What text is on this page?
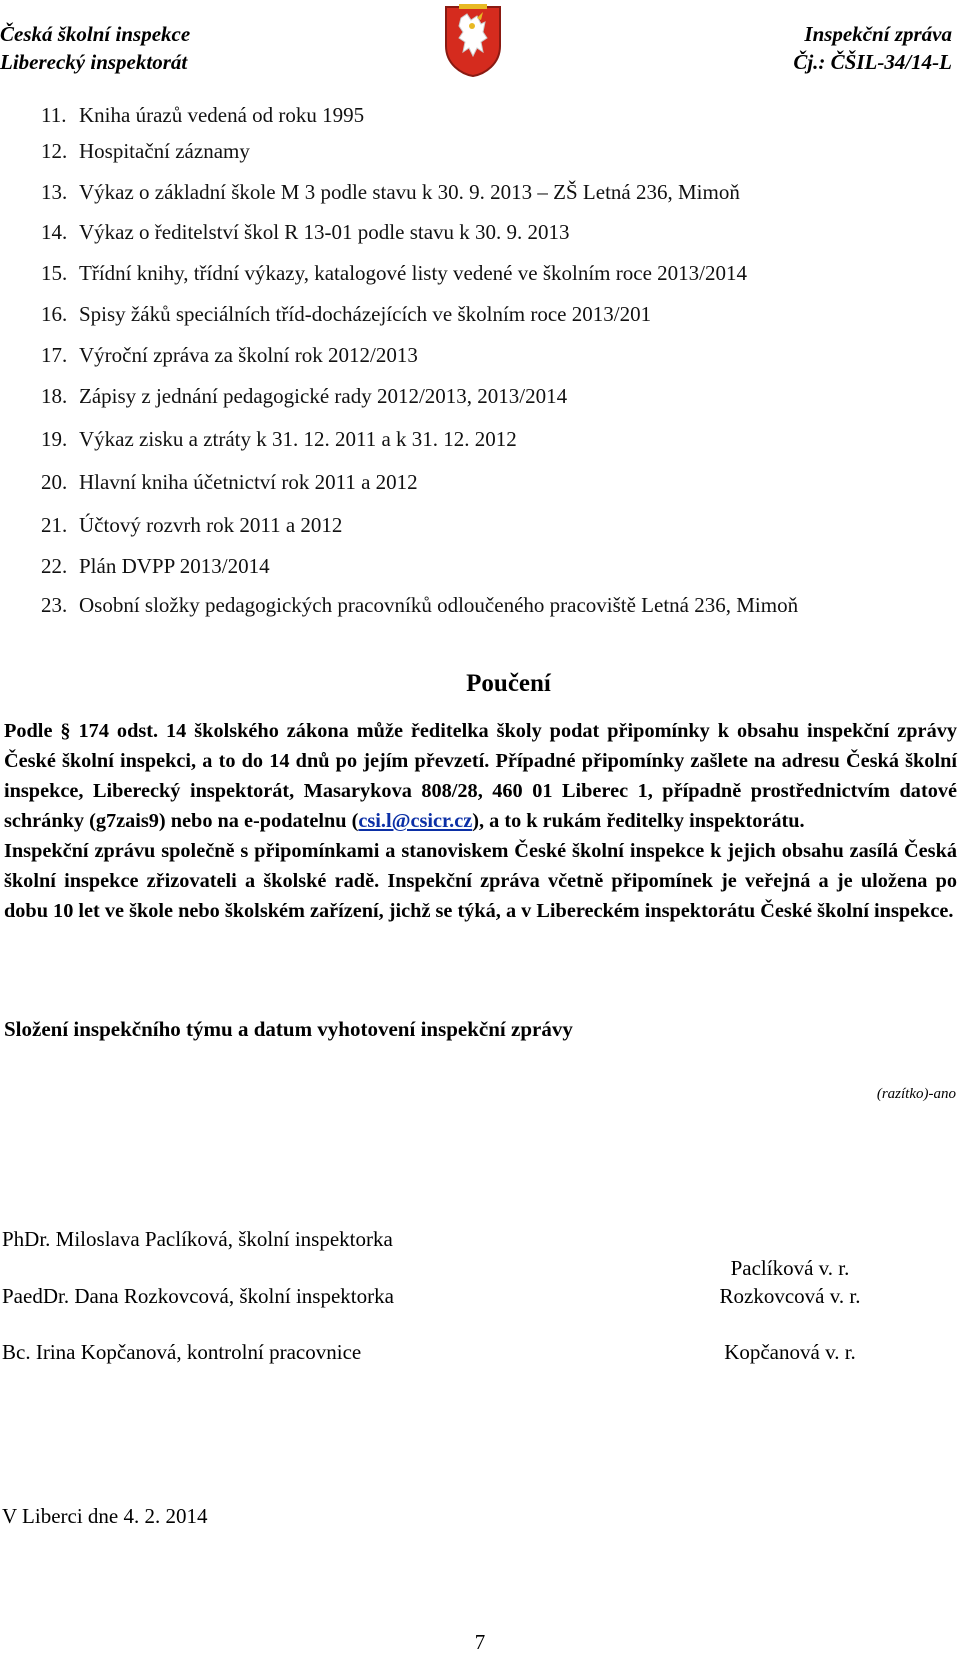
Česká školní inspekce
Liberecký inspektorát
Inspekční zpráva
Čj.: ČŠIL-34/14-L
11. Kniha úrazů vedená od roku 1995
12. Hospitační záznamy
13. Výkaz o základní škole M 3 podle stavu k 30. 9. 2013 – ZŠ Letná 236, Mimoň
14. Výkaz o ředitelství škol R 13-01 podle stavu k 30. 9. 2013
15. Třídní knihy, třídní výkazy, katalogové listy vedené ve školním roce 2013/2014
16. Spisy žáků speciálních tříd-docházejících ve školním roce 2013/201
17. Výroční zpráva za školní rok 2012/2013
18. Zápisy z jednání pedagogické rady 2012/2013, 2013/2014
19. Výkaz zisku a ztráty k 31. 12. 2011 a k 31. 12. 2012
20. Hlavní kniha účetnictví rok 2011 a 2012
21. Účtový rozvrh rok 2011 a 2012
22. Plán DVPP 2013/2014
23. Osobní složky pedagogických pracovníků odloučeného pracoviště Letná 236, Mimoň
Poučení

Podle § 174 odst. 14 školského zákona může ředitelka školy podat připomínky k obsahu inspekční zprávy České školní inspekci, a to do 14 dnů po jejím převzetí. Případné připomínky zašlete na adresu Česká školní inspekce, Liberecký inspektorát, Masarykova 808/28, 460 01 Liberec 1, případně prostřednictvím datové schránky (g7zais9) nebo na e-podatelnu (csi.l@csicr.cz), a to k rukám ředitelky inspektorátu.

Inspekční zprávu společně s připomínkami a stanoviskem České školní inspekce k jejich obsahu zasílá Česká školní inspekce zřizovateli a školské radě. Inspekční zpráva včetně připomínek je veřejná a je uložena po dobu 10 let ve škole nebo školském zařízení, jichž se týká, a v Libereckém inspektorátu České školní inspekce.

Složení inspekčního týmu a datum vyhotovení inspekční zprávy
(razítko)-ano
PhDr. Miloslava Paclíková, školní inspektorka
Paclíková v. r.
PaedDr. Dana Rozkovcová, školní inspektorka	Rozkovcová v. r.
Bc. Irina Kopčanová, kontrolní pracovnice	Kopčanová v. r.
V Liberci dne 4. 2. 2014
7
